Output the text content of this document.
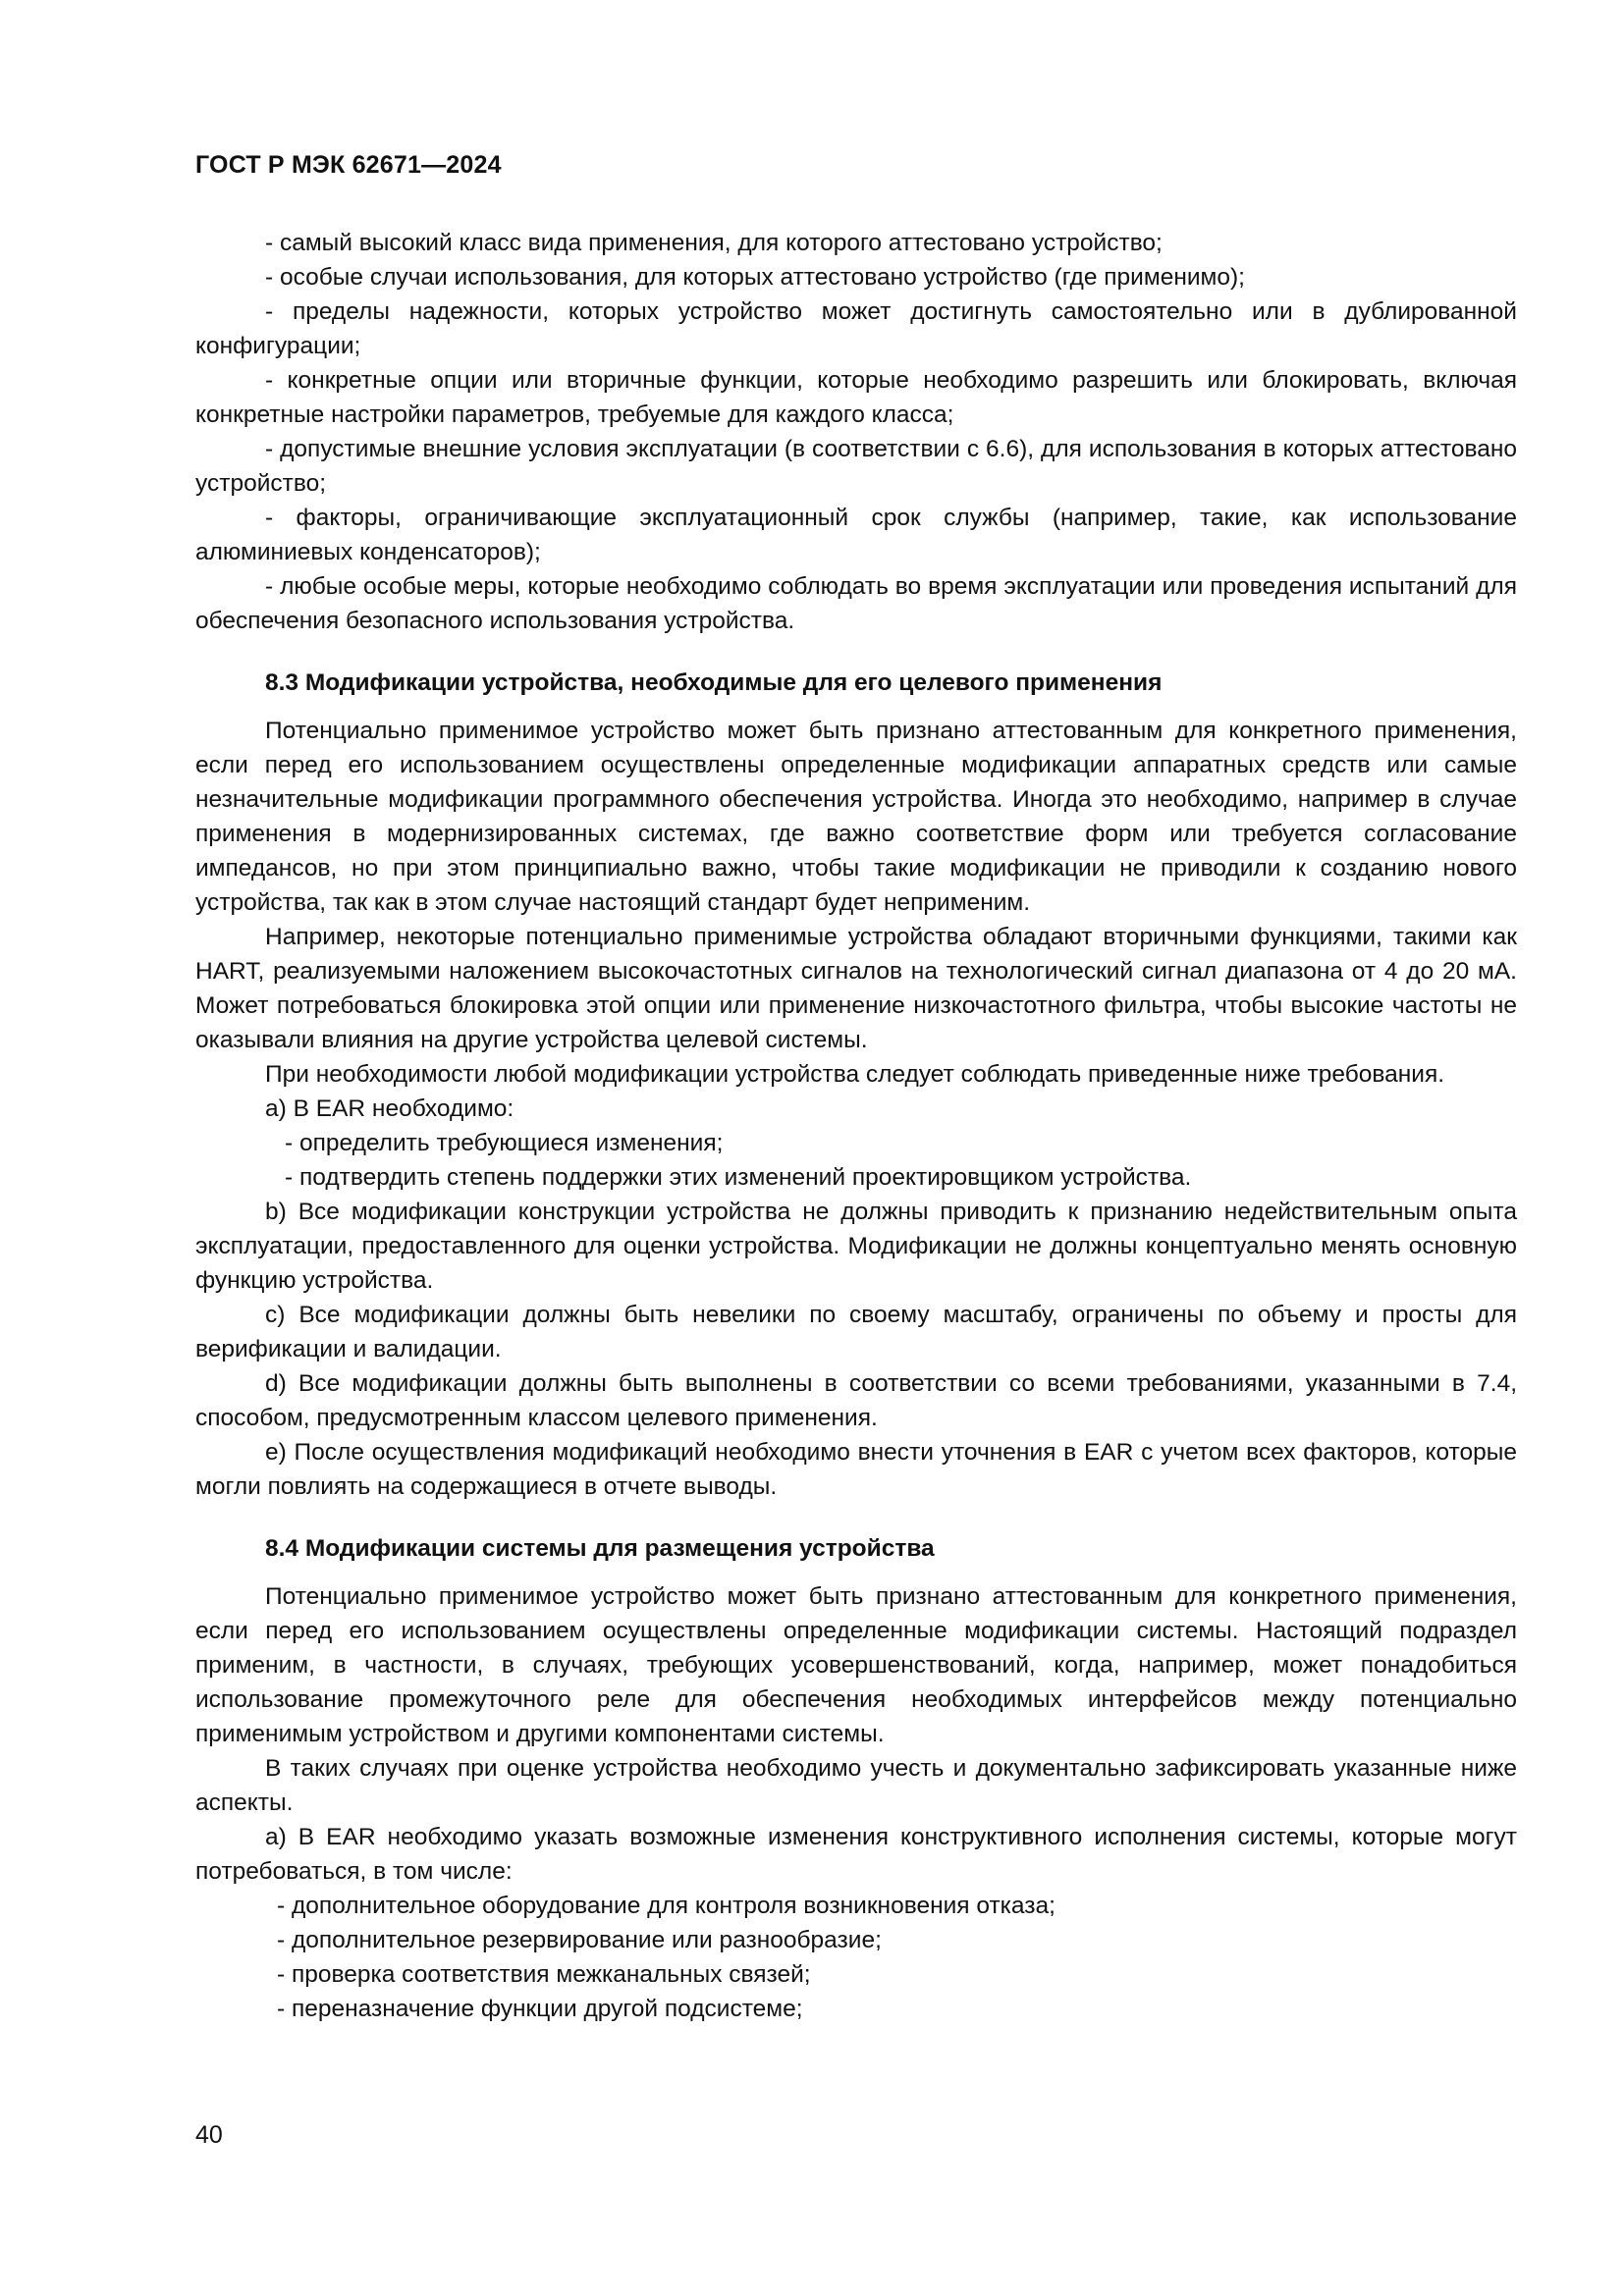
ГОСТ Р МЭК 62671—2024

- самый высокий класс вида применения, для которого аттестовано устройство;

- особые случаи использования, для которых аттестовано устройство (где применимо);

- пределы надежности, которых устройство может достигнуть самостоятельно или в дублированной конфигурации;

- конкретные опции или вторичные функции, которые необходимо разрешить или блокировать, включая конкретные настройки параметров, требуемые для каждого класса;

- допустимые внешние условия эксплуатации (в соответствии с 6.6), для использования в которых аттестовано устройство;

- факторы, ограничивающие эксплуатационный срок службы (например, такие, как использование алюминиевых конденсаторов);

- любые особые меры, которые необходимо соблюдать во время эксплуатации или проведения испытаний для обеспечения безопасного использования устройства.

8.3 Модификации устройства, необходимые для его целевого применения

Потенциально применимое устройство может быть признано аттестованным для конкретного применения, если перед его использованием осуществлены определенные модификации аппаратных средств или самые незначительные модификации программного обеспечения устройства. Иногда это необходимо, например в случае применения в модернизированных системах, где важно соответствие форм или требуется согласование импедансов, но при этом принципиально важно, чтобы такие модификации не приводили к созданию нового устройства, так как в этом случае настоящий стандарт будет неприменим.

Например, некоторые потенциально применимые устройства обладают вторичными функциями, такими как HART, реализуемыми наложением высокочастотных сигналов на технологический сигнал диапазона от 4 до 20 мА. Может потребоваться блокировка этой опции или применение низкочастотного фильтра, чтобы высокие частоты не оказывали влияния на другие устройства целевой системы.

При необходимости любой модификации устройства следует соблюдать приведенные ниже требования.

a) В EAR необходимо:

- определить требующиеся изменения;

- подтвердить степень поддержки этих изменений проектировщиком устройства.

b) Все модификации конструкции устройства не должны приводить к признанию недействительным опыта эксплуатации, предоставленного для оценки устройства. Модификации не должны концептуально менять основную функцию устройства.

c) Все модификации должны быть невелики по своему масштабу, ограничены по объему и просты для верификации и валидации.

d) Все модификации должны быть выполнены в соответствии со всеми требованиями, указанными в 7.4, способом, предусмотренным классом целевого применения.

e) После осуществления модификаций необходимо внести уточнения в EAR с учетом всех факторов, которые могли повлиять на содержащиеся в отчете выводы.

8.4 Модификации системы для размещения устройства

Потенциально применимое устройство может быть признано аттестованным для конкретного применения, если перед его использованием осуществлены определенные модификации системы. Настоящий подраздел применим, в частности, в случаях, требующих усовершенствований, когда, например, может понадобиться использование промежуточного реле для обеспечения необходимых интерфейсов между потенциально применимым устройством и другими компонентами системы.

В таких случаях при оценке устройства необходимо учесть и документально зафиксировать указанные ниже аспекты.

a) В EAR необходимо указать возможные изменения конструктивного исполнения системы, которые могут потребоваться, в том числе:

- дополнительное оборудование для контроля возникновения отказа;

- дополнительное резервирование или разнообразие;

- проверка соответствия межканальных связей;

- переназначение функции другой подсистеме;

40
